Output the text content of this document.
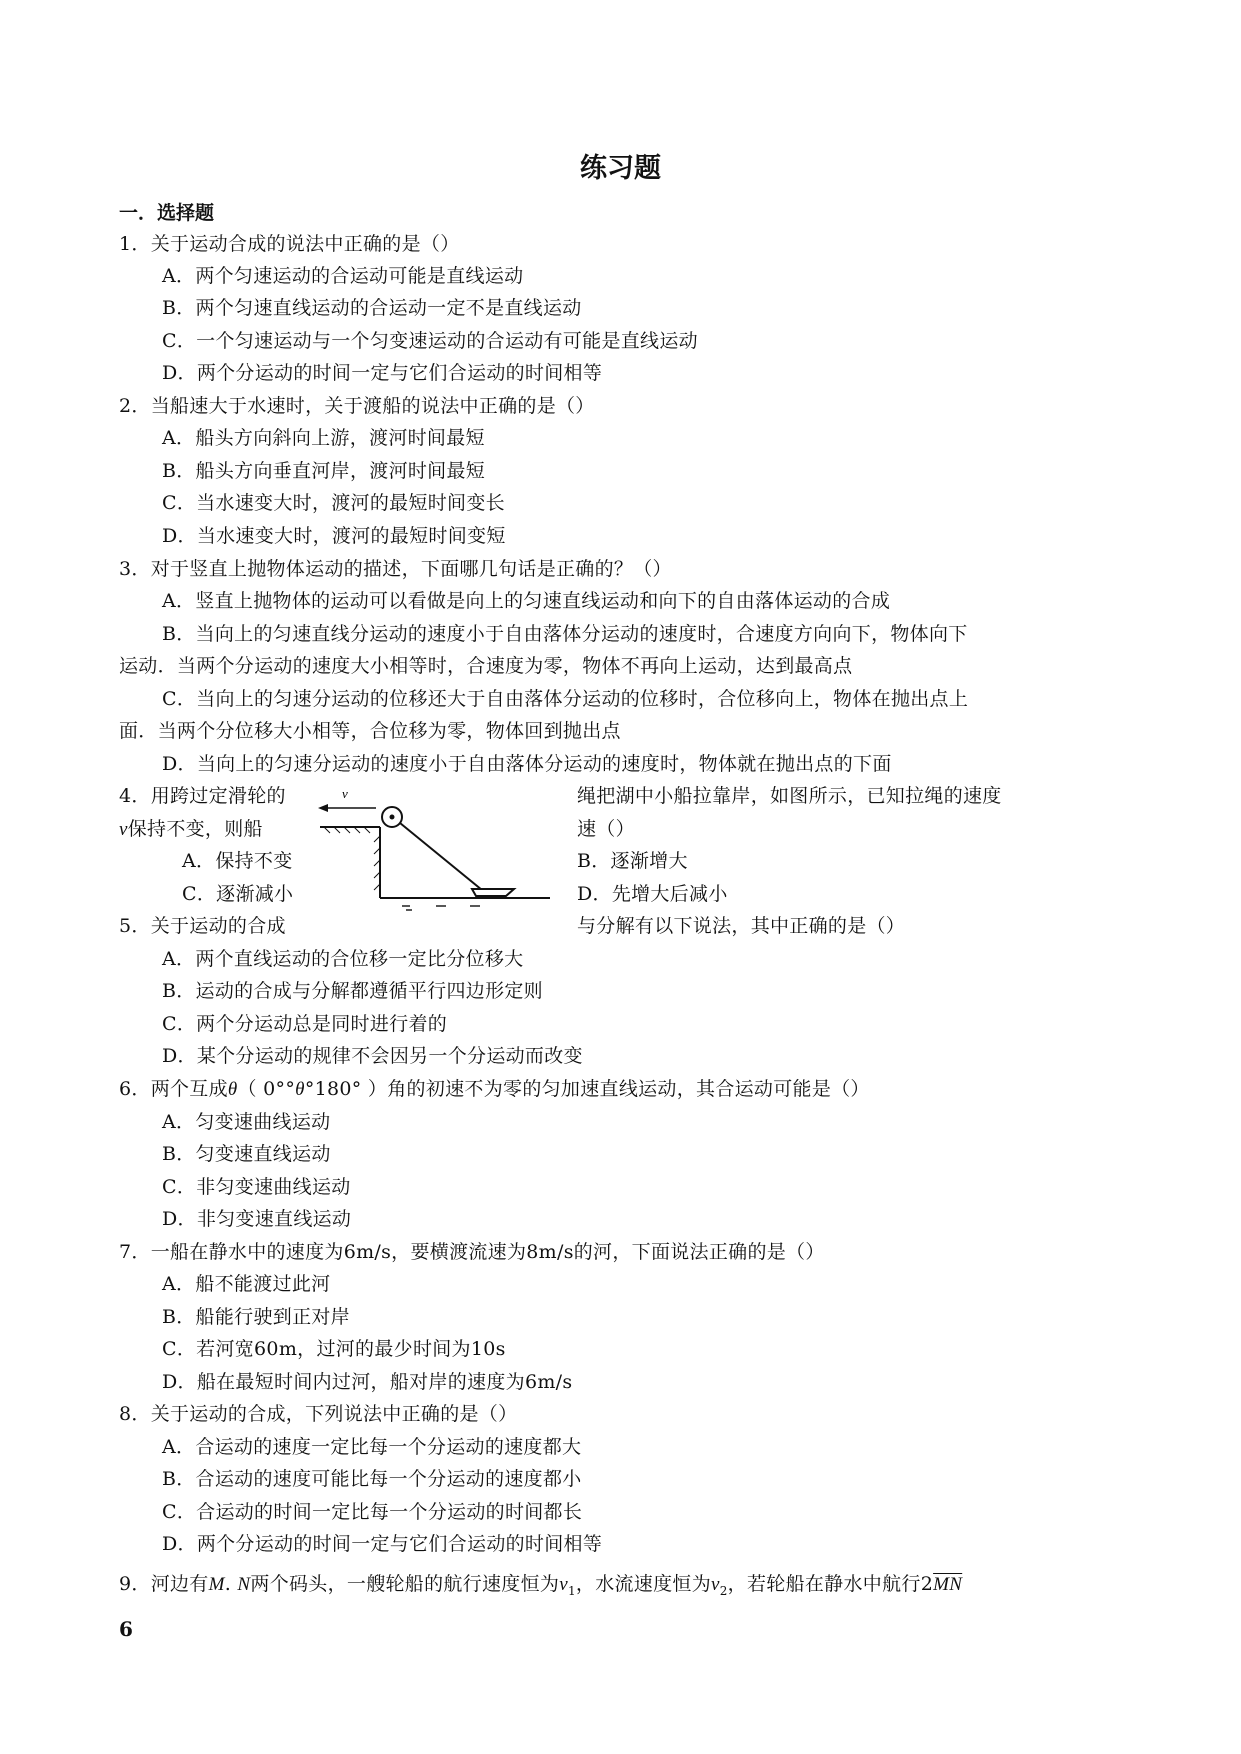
练习题
一．选择题
1．关于运动合成的说法中正确的是（）
A．两个匀速运动的合运动可能是直线运动
B．两个匀速直线运动的合运动一定不是直线运动
C．一个匀速运动与一个匀变速运动的合运动有可能是直线运动
D．两个分运动的时间一定与它们合运动的时间相等
2．当船速大于水速时，关于渡船的说法中正确的是（）
A．船头方向斜向上游，渡河时间最短
B．船头方向垂直河岸，渡河时间最短
C．当水速变大时，渡河的最短时间变长
D．当水速变大时，渡河的最短时间变短
3．对于竖直上抛物体运动的描述，下面哪几句话是正确的？（）
A．竖直上抛物体的运动可以看做是向上的匀速直线运动和向下的自由落体运动的合成
B．当向上的匀速直线分运动的速度小于自由落体分运动的速度时，合速度方向向下，物体向下
运动．当两个分运动的速度大小相等时，合速度为零，物体不再向上运动，达到最高点
C．当向上的匀速分运动的位移还大于自由落体分运动的位移时，合位移向上，物体在抛出点上
面．当两个分位移大小相等，合位移为零，物体回到抛出点
D．当向上的匀速分运动的速度小于自由落体分运动的速度时，物体就在抛出点的下面
4．用跨过定滑轮的	绳把湖中小船拉靠岸，如图所示，已知拉绳的速度
v保持不变，则船	速（）
A．保持不变	B．逐渐增大
C．逐渐减小	D．先增大后减小
v
5．关于运动的合成	与分解有以下说法，其中正确的是（）
A．两个直线运动的合位移一定比分位移大
B．运动的合成与分解都遵循平行四边形定则
C．两个分运动总是同时进行着的
D．某个分运动的规律不会因另一个分运动而改变
6．两个互成θ（ 0°°θ°180° ）角的初速不为零的匀加速直线运动，其合运动可能是（）
A．匀变速曲线运动
B．匀变速直线运动
C．非匀变速曲线运动
D．非匀变速直线运动
7．一船在静水中的速度为6m/s，要横渡流速为8m/s的河，下面说法正确的是（）
A．船不能渡过此河
B．船能行驶到正对岸
C．若河宽60m，过河的最少时间为10s
D．船在最短时间内过河，船对岸的速度为6m/s
8．关于运动的合成，下列说法中正确的是（）
A．合运动的速度一定比每一个分运动的速度都大
B．合运动的速度可能比每一个分运动的速度都小
C．合运动的时间一定比每一个分运动的时间都长
D．两个分运动的时间一定与它们合运动的时间相等
9．河边有M. N两个码头，一艘轮船的航行速度恒为$v_1$，水流速度恒为$v_2$，若轮船在静水中航行$2\overline{MN}$
6
